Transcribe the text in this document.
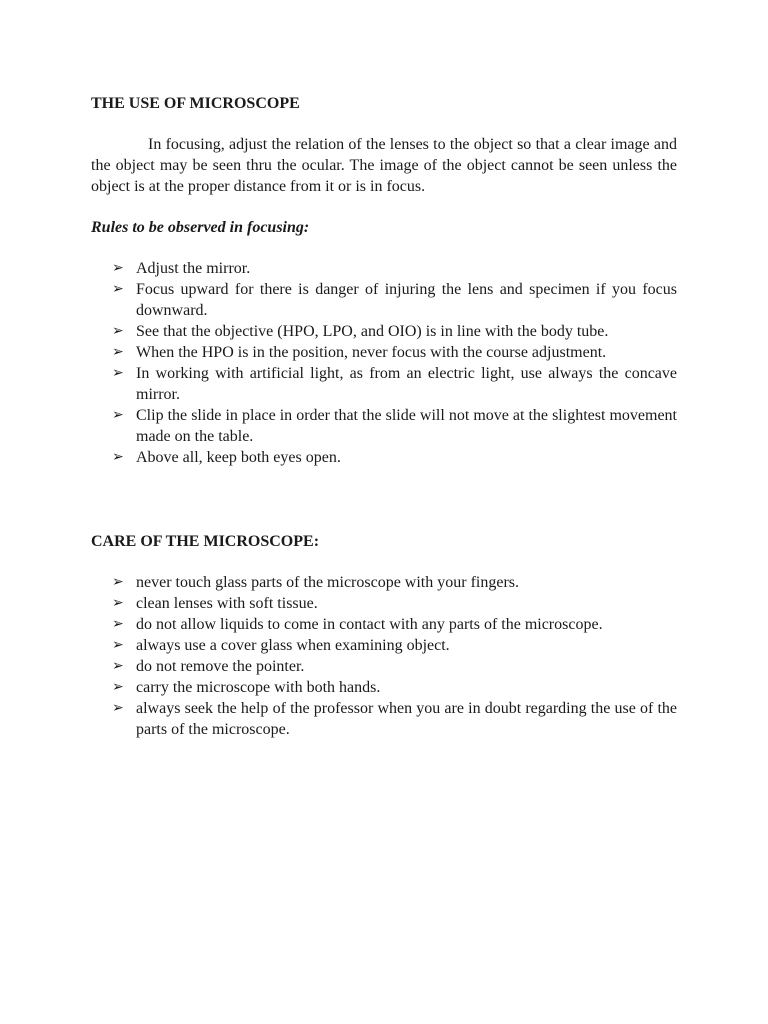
THE USE OF MICROSCOPE

In focusing, adjust the relation of the lenses to the object so that a clear image and the object may be seen thru the ocular. The image of the object cannot be seen unless the object is at the proper distance from it or is in focus.

Rules to be observed in focusing:
➢ Adjust the mirror.
➢ Focus upward for there is danger of injuring the lens and specimen if you focus downward.
➢ See that the objective (HPO, LPO, and OIO) is in line with the body tube.
➢ When the HPO is in the position, never focus with the course adjustment.
➢ In working with artificial light, as from an electric light, use always the concave mirror.
➢ Clip the slide in place in order that the slide will not move at the slightest movement made on the table.
➢ Above all, keep both eyes open.
CARE OF THE MICROSCOPE:
➢ never touch glass parts of the microscope with your fingers.
➢ clean lenses with soft tissue.
➢ do not allow liquids to come in contact with any parts of the microscope.
➢ always use a cover glass when examining object.
➢ do not remove the pointer.
➢ carry the microscope with both hands.
➢ always seek the help of the professor when you are in doubt regarding the use of the parts of the microscope.
